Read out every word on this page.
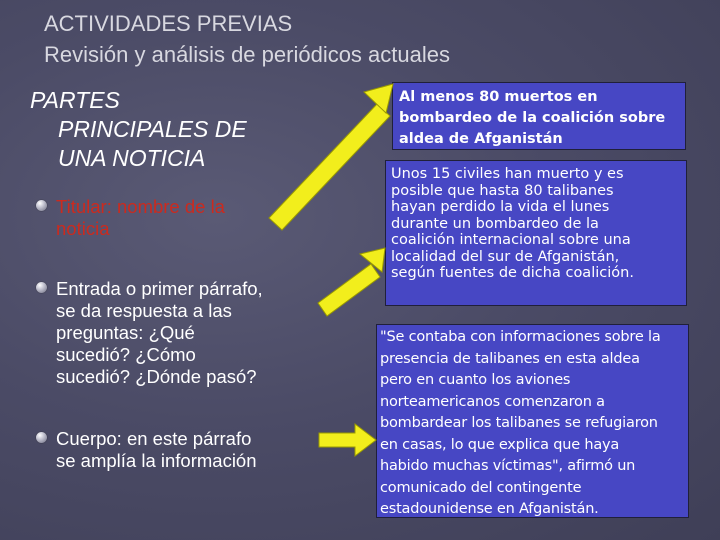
ACTIVIDADES PREVIAS
Revisión y análisis de periódicos actuales
PARTES
PRINCIPALES DE
UNA NOTICIA
Titular: nombre de la
noticia
Entrada o primer párrafo,
se da respuesta a las
preguntas: ¿Qué
sucedió? ¿Cómo
sucedió? ¿Dónde pasó?
Cuerpo: en este párrafo
se amplía la información
Al menos 80 muertos en
bombardeo de la coalición sobre
aldea de Afganistán
Unos 15 civiles han muerto y es
posible que hasta 80 talibanes
hayan perdido la vida el lunes
durante un bombardeo de la
coalición internacional sobre una
localidad del sur de Afganistán,
según fuentes de dicha coalición.
"Se contaba con informaciones sobre la
presencia de talibanes en esta aldea
pero en cuanto los aviones
norteamericanos comenzaron a
bombardear los talibanes se refugiaron
en casas, lo que explica que haya
habido muchas víctimas", afirmó un
comunicado del contingente
estadounidense en Afganistán.
